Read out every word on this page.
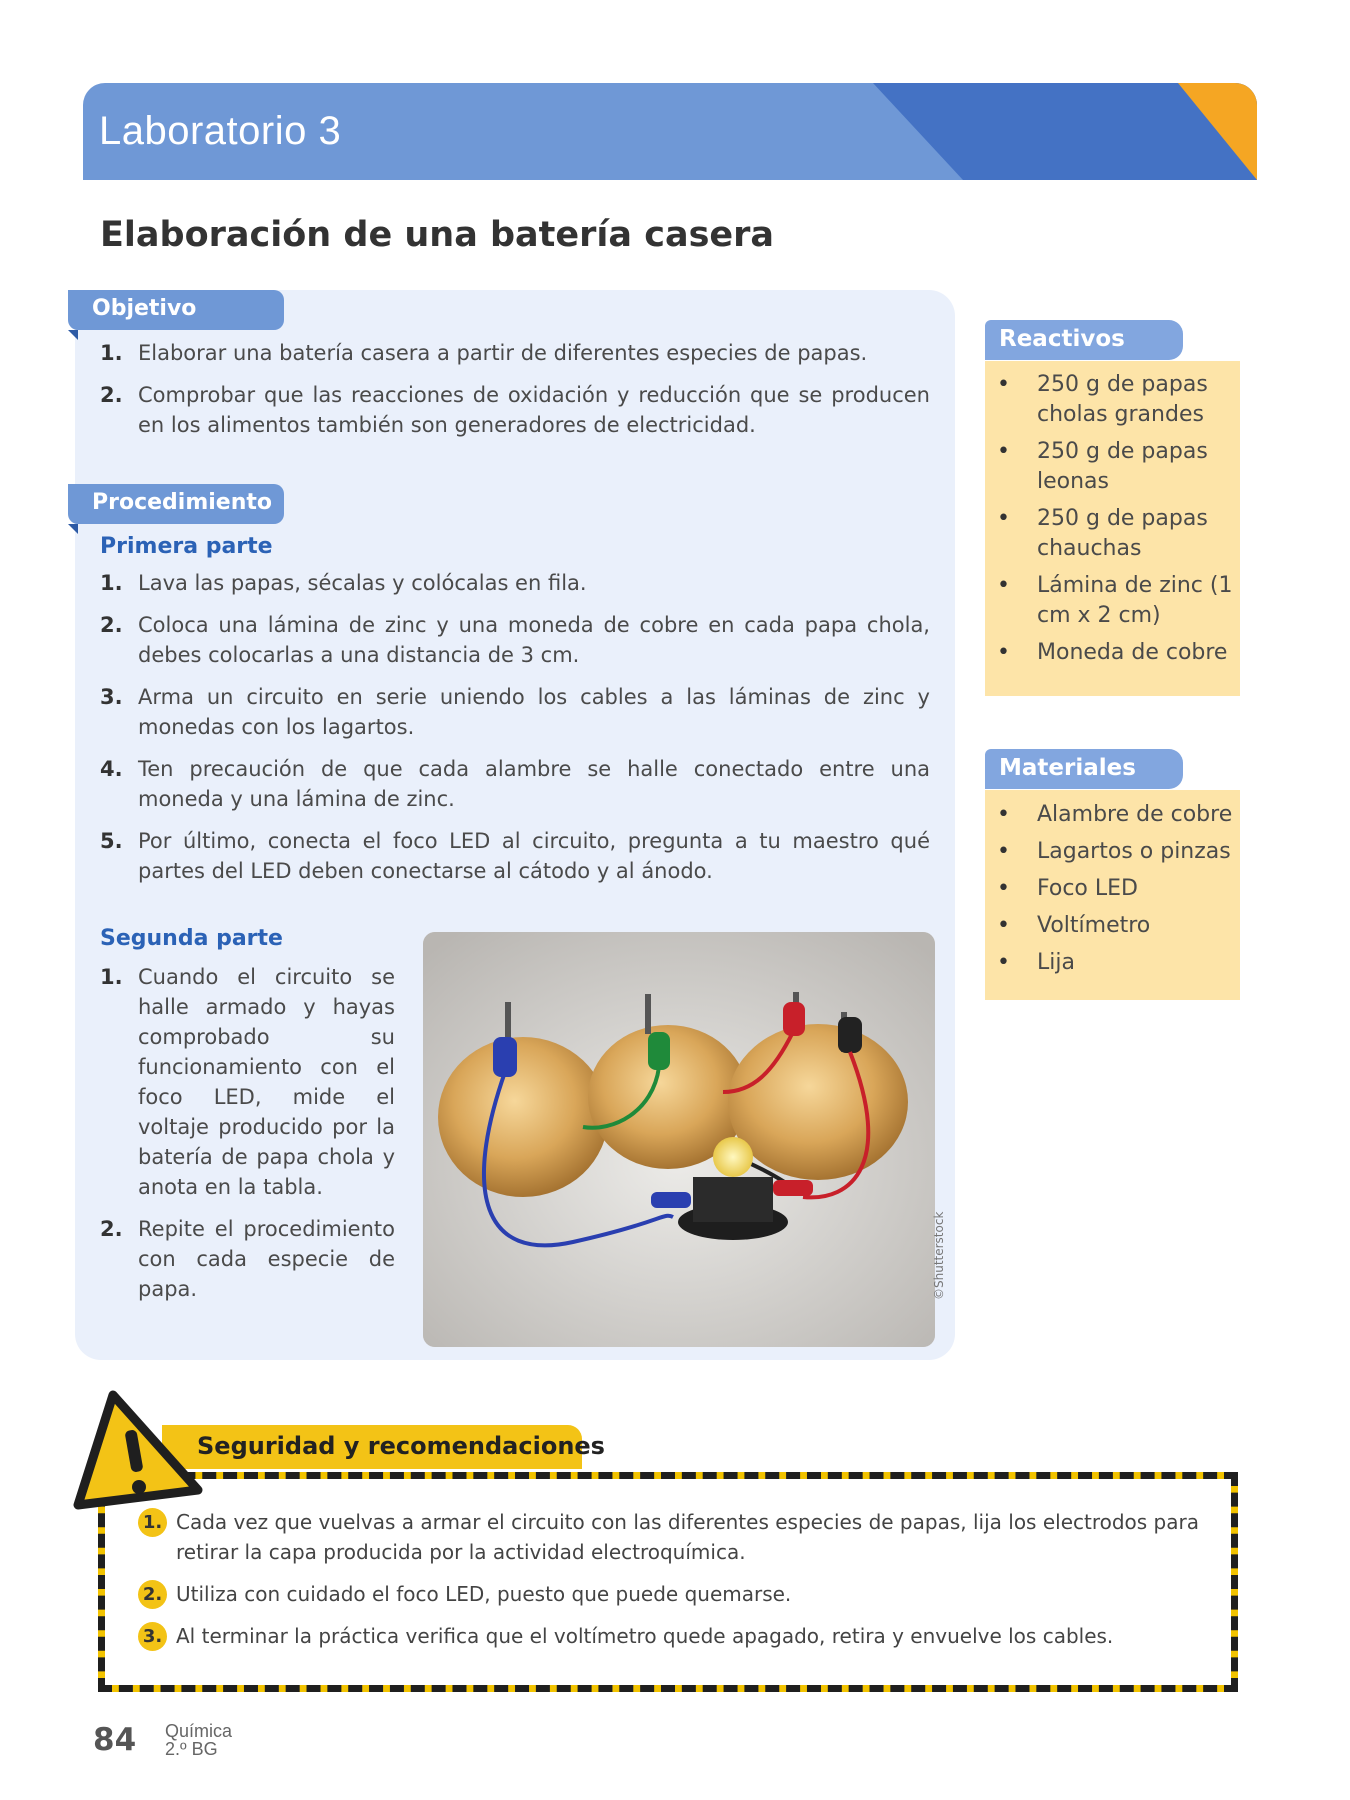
Laboratorio 3
DUA
Participación
Elaboración de una batería casera
Objetivo
1. Elaborar una batería casera a partir de diferentes especies de papas.
2. Comprobar que las reacciones de oxidación y reducción que se producen en los alimentos también son generadores de electricidad.
Procedimiento
Primera parte
1. Lava las papas, sécalas y colócalas en fila.
2. Coloca una lámina de zinc y una moneda de cobre en cada papa chola, debes colocarlas a una distancia de 3 cm.
3. Arma un circuito en serie uniendo los cables a las láminas de zinc y monedas con los lagartos.
4. Ten precaución de que cada alambre se halle conectado entre una moneda y una lámina de zinc.
5. Por último, conecta el foco LED al circuito, pregunta a tu maestro qué partes del LED deben conectarse al cátodo y al ánodo.
Segunda parte
1. Cuando el circuito se halle armado y hayas comprobado su funcionamiento con el foco LED, mide el voltaje producido por la batería de papa chola y anota en la tabla.
2. Repite el procedimiento con cada especie de papa.	©Shutterstock
Reactivos
• 250 g de papas cholas grandes
• 250 g de papas leonas
• 250 g de papas chauchas
• Lámina de zinc (1 cm x 2 cm)
• Moneda de cobre
Materiales
• Alambre de cobre
• Lagartos o pinzas
• Foco LED
• Voltímetro
• Lija
Seguridad y recomendaciones
1. Cada vez que vuelvas a armar el circuito con las diferentes especies de papas, lija los electrodos para retirar la capa producida por la actividad electroquímica.
2. Utiliza con cuidado el foco LED, puesto que puede quemarse.
3. Al terminar la práctica verifica que el voltímetro quede apagado, retira y envuelve los cables.
84 Química
2.º BG
